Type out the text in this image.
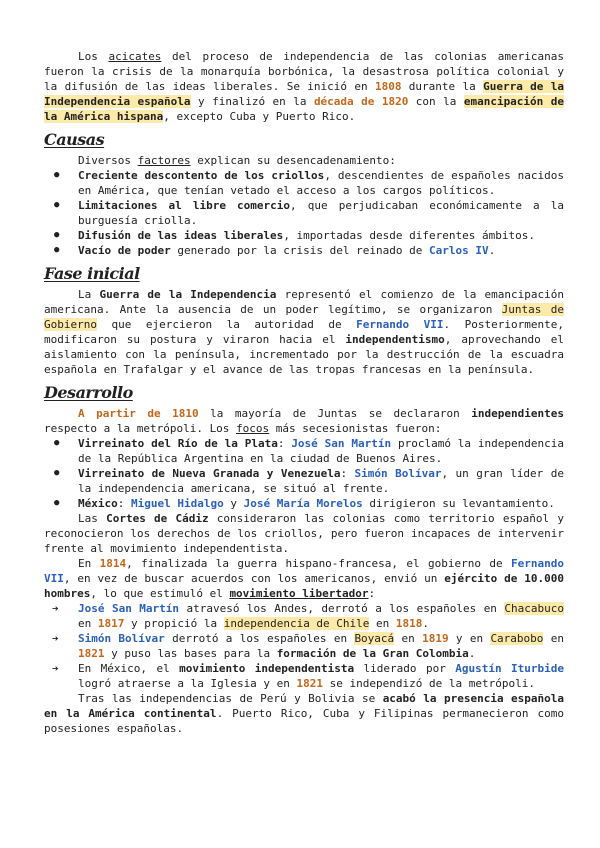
Los acicates del proceso de independencia de las colonias americanas fueron la crisis de la monarquía borbónica, la desastrosa política colonial y la difusión de las ideas liberales. Se inició en 1808 durante la Guerra de la Independencia española y finalizó en la década de 1820 con la emancipación de la América hispana, excepto Cuba y Puerto Rico.

Causas

Diversos factores explican su desencadenamiento:

● Creciente descontento de los criollos, descendientes de españoles nacidos en América, que tenían vetado el acceso a los cargos políticos.
● Limitaciones al libre comercio, que perjudicaban económicamente a la burguesía criolla.
● Difusión de las ideas liberales, importadas desde diferentes ámbitos.
● Vacío de poder generado por la crisis del reinado de Carlos IV.
Fase inicial

La Guerra de la Independencia representó el comienzo de la emancipación americana. Ante la ausencia de un poder legítimo, se organizaron Juntas de Gobierno que ejercieron la autoridad de Fernando VII. Posteriormente, modificaron su postura y viraron hacia el independentismo, aprovechando el aislamiento con la península, incrementado por la destrucción de la escuadra española en Trafalgar y el avance de las tropas francesas en la península.

Desarrollo

A partir de 1810 la mayoría de Juntas se declararon independientes respecto a la metrópoli. Los focos más secesionistas fueron:

● Virreinato del Río de la Plata: José San Martín proclamó la independencia de la República Argentina en la ciudad de Buenos Aires.
● Virreinato de Nueva Granada y Venezuela: Simón Bolívar, un gran líder de la independencia americana, se situó al frente.
● México: Miguel Hidalgo y José María Morelos dirigieron su levantamiento.

Las Cortes de Cádiz consideraron las colonias como territorio español y reconocieron los derechos de los criollos, pero fueron incapaces de intervenir frente al movimiento independentista.

En 1814, finalizada la guerra hispano-francesa, el gobierno de Fernando VII, en vez de buscar acuerdos con los americanos, envió un ejército de 10.000 hombres, lo que estimuló el movimiento libertador:

➔ José San Martín atravesó los Andes, derrotó a los españoles en Chacabuco en 1817 y propició la independencia de Chile en 1818.
➔ Simón Bolívar derrotó a los españoles en Boyacá en 1819 y en Carabobo en 1821 y puso las bases para la formación de la Gran Colombia.
➔ En México, el movimiento independentista liderado por Agustín Iturbide logró atraerse a la Iglesia y en 1821 se independizó de la metrópoli.

Tras las independencias de Perú y Bolivia se acabó la presencia española en la América continental. Puerto Rico, Cuba y Filipinas permanecieron como posesiones españolas.
